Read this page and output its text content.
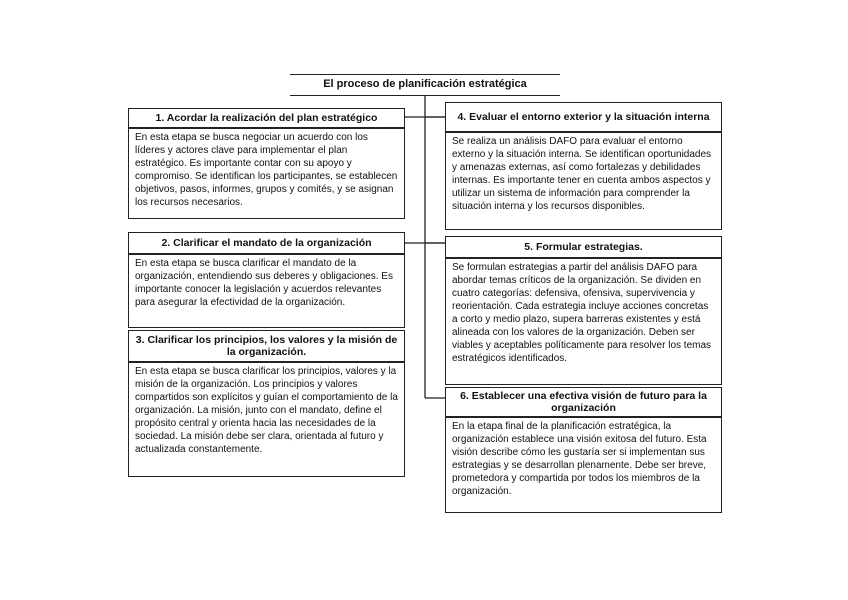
El proceso de planificación estratégica
1. Acordar la realización del plan estratégico
En esta etapa se busca negociar un acuerdo con los líderes y actores clave para implementar el plan estratégico. Es importante contar con su apoyo y compromiso. Se identifican los participantes, se establecen objetivos, pasos, informes, grupos y comités, y se asignan los recursos necesarios.
2. Clarificar el mandato de la organización
En esta etapa se busca clarificar el mandato de la organización, entendiendo sus deberes y obligaciones. Es importante conocer la legislación y acuerdos relevantes para asegurar la efectividad de la organización.
3. Clarificar los principios, los valores y la misión de la organización.
En esta etapa se busca clarificar los principios, valores y la misión de la organización. Los principios y valores compartidos son explícitos y guían el comportamiento de la organización. La misión, junto con el mandato, define el propósito central y orienta hacia las necesidades de la sociedad. La misión debe ser clara, orientada al futuro y actualizada constantemente.
4. Evaluar el entorno exterior y la situación interna
Se realiza un análisis DAFO para evaluar el entorno externo y la situación interna. Se identifican oportunidades y amenazas externas, así como fortalezas y debilidades internas. Es importante tener en cuenta ambos aspectos y utilizar un sistema de información para comprender la situación interna y los recursos disponibles.
5. Formular estrategias.
Se formulan estrategias a partir del análisis DAFO para abordar temas críticos de la organización. Se dividen en cuatro categorías: defensiva, ofensiva, supervivencia y reorientación. Cada estrategia incluye acciones concretas a corto y medio plazo, supera barreras existentes y está alineada con los valores de la organización. Deben ser viables y aceptables políticamente para resolver los temas estratégicos identificados.
6. Establecer una efectiva visión de futuro para la organización
En la etapa final de la planificación estratégica, la organización establece una visión exitosa del futuro. Esta visión describe cómo les gustaría ser si implementan sus estrategias y se desarrollan plenamente. Debe ser breve, prometedora y compartida por todos los miembros de la organización.
